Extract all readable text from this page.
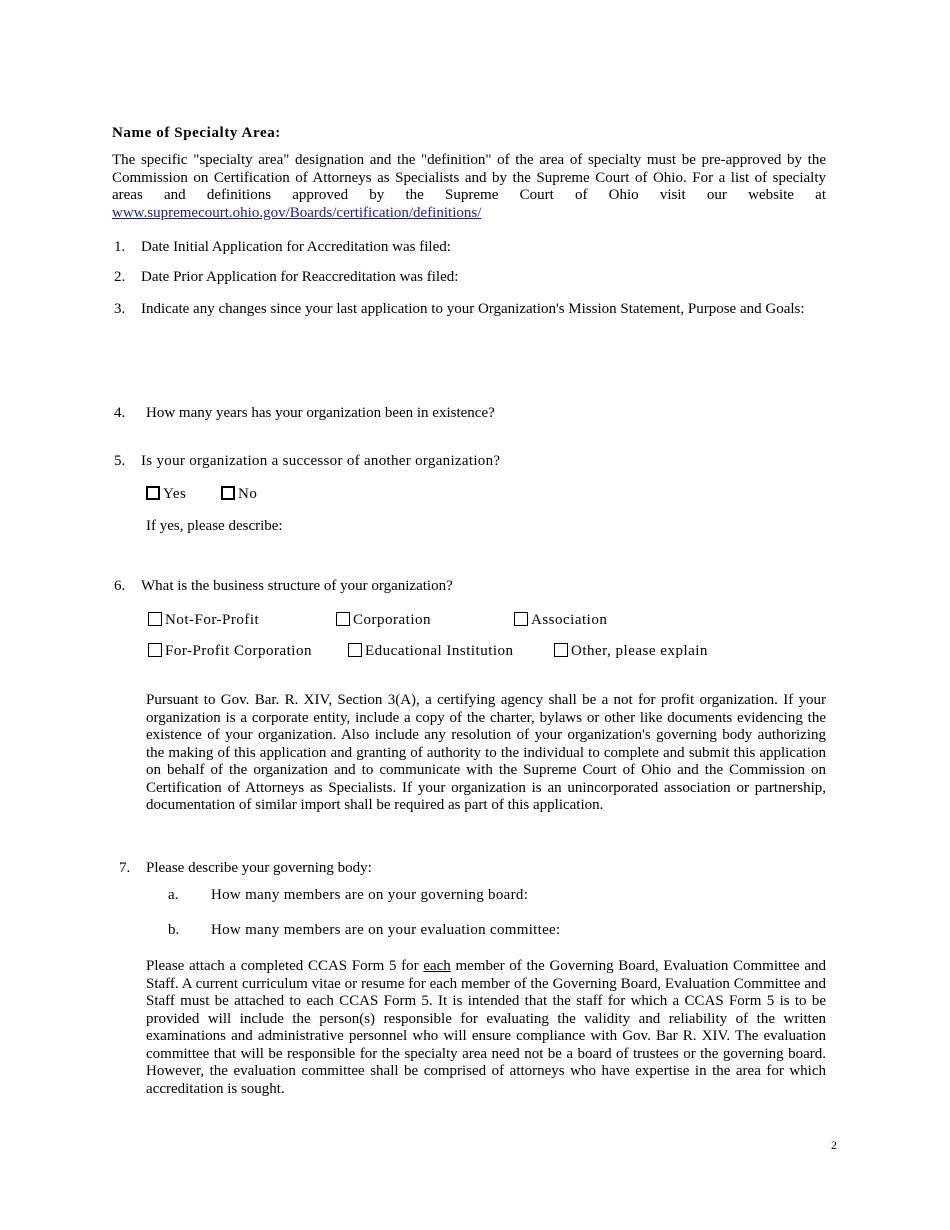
Name of Specialty Area:
The specific "specialty area" designation and the "definition" of the area of specialty must be pre-approved by the Commission on Certification of Attorneys as Specialists and by the Supreme Court of Ohio. For a list of specialty areas and definitions approved by the Supreme Court of Ohio visit our website at www.supremecourt.ohio.gov/Boards/certification/definitions/
1. Date Initial Application for Accreditation was filed:
2. Date Prior Application for Reaccreditation was filed:
3. Indicate any changes since your last application to your Organization's Mission Statement, Purpose and Goals:
4. How many years has your organization been in existence?
5. Is your organization a successor of another organization?
Yes	No
If yes, please describe:
6. What is the business structure of your organization?
Not-For-Profit	Corporation	Association
For-Profit Corporation	Educational Institution	Other, please explain
Pursuant to Gov. Bar. R. XIV, Section 3(A), a certifying agency shall be a not for profit organization. If your organization is a corporate entity, include a copy of the charter, bylaws or other like documents evidencing the existence of your organization. Also include any resolution of your organization's governing body authorizing the making of this application and granting of authority to the individual to complete and submit this application on behalf of the organization and to communicate with the Supreme Court of Ohio and the Commission on Certification of Attorneys as Specialists. If your organization is an unincorporated association or partnership, documentation of similar import shall be required as part of this application.
7. Please describe your governing body:
a. How many members are on your governing board:
b. How many members are on your evaluation committee:
Please attach a completed CCAS Form 5 for each member of the Governing Board, Evaluation Committee and Staff. A current curriculum vitae or resume for each member of the Governing Board, Evaluation Committee and Staff must be attached to each CCAS Form 5. It is intended that the staff for which a CCAS Form 5 is to be provided will include the person(s) responsible for evaluating the validity and reliability of the written examinations and administrative personnel who will ensure compliance with Gov. Bar R. XIV. The evaluation committee that will be responsible for the specialty area need not be a board of trustees or the governing board. However, the evaluation committee shall be comprised of attorneys who have expertise in the area for which accreditation is sought.
2
